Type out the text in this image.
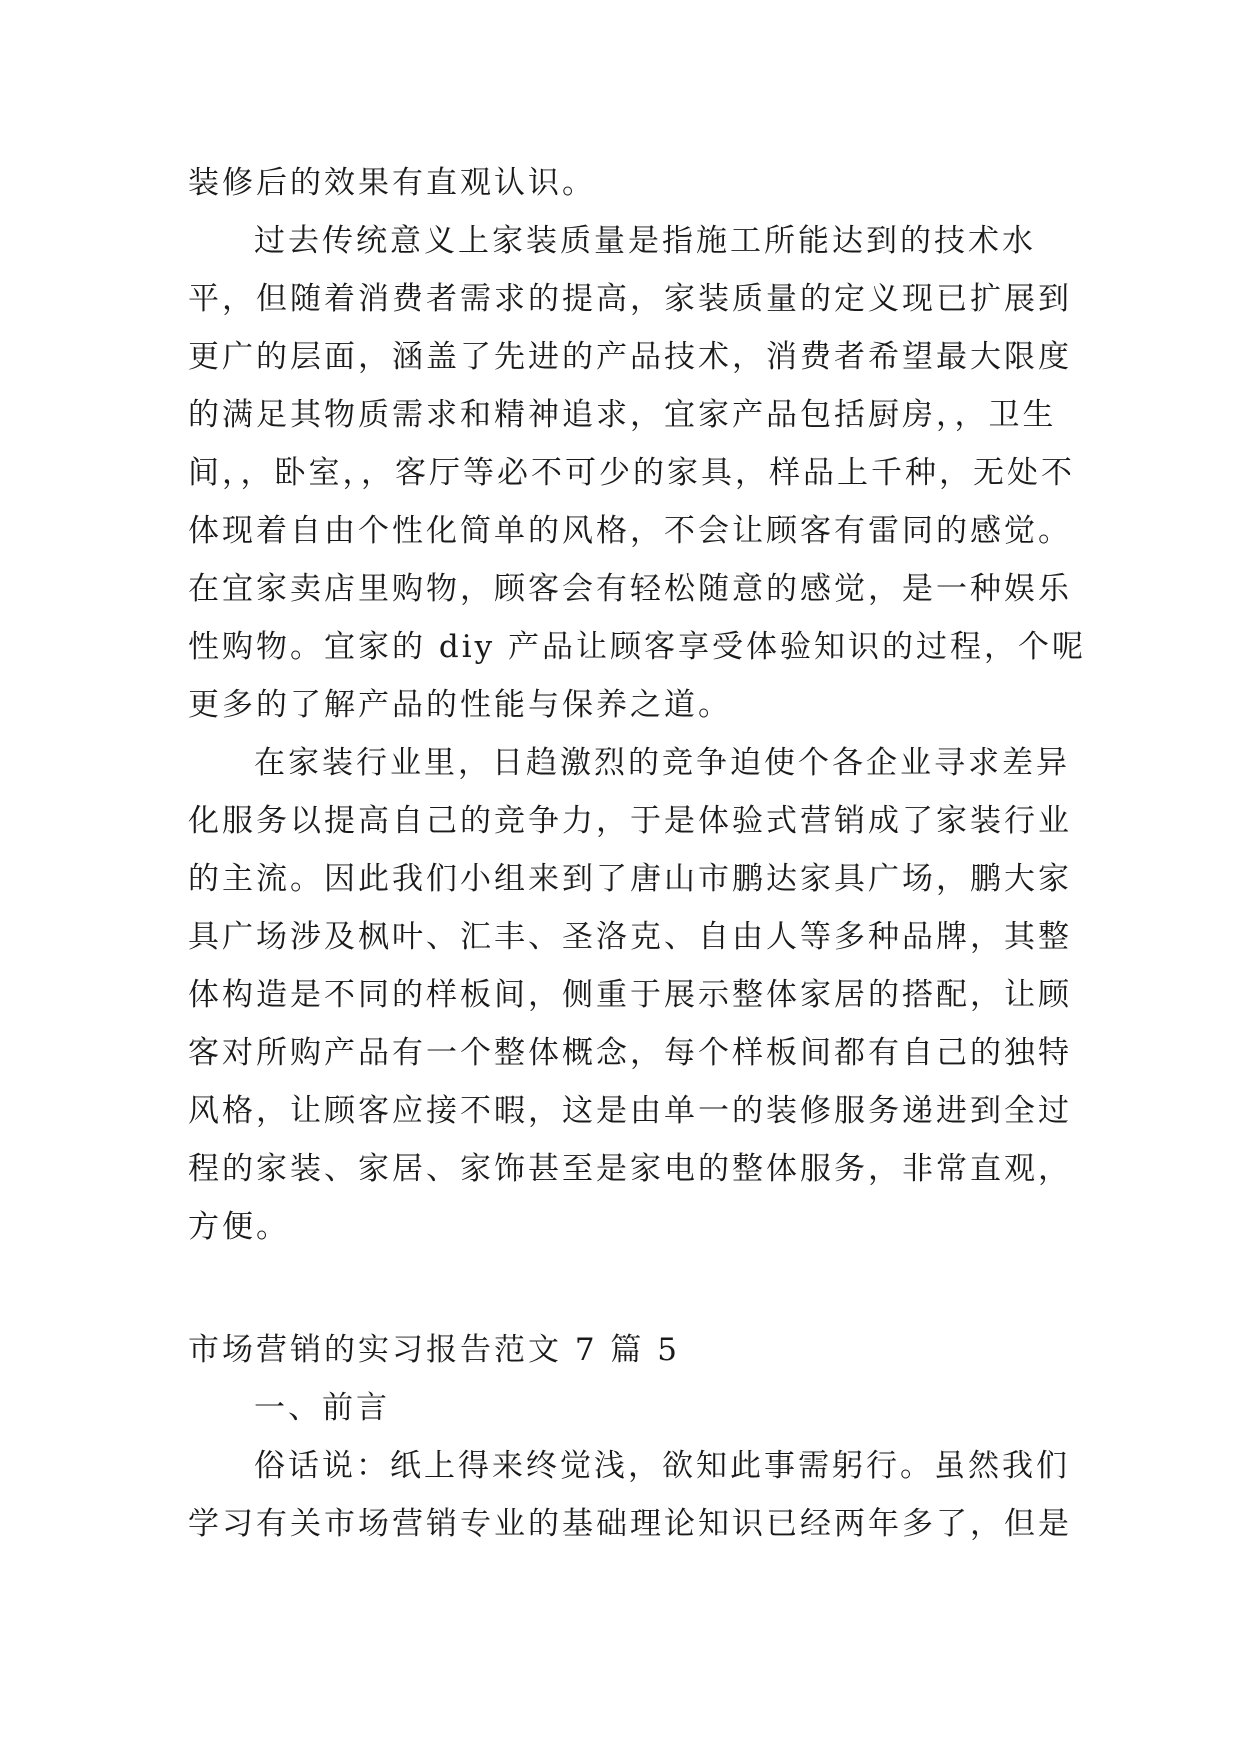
装修后的效果有直观认识。
过去传统意义上家装质量是指施工所能达到的技术水
平，但随着消费者需求的提高，家装质量的定义现已扩展到
更广的层面，涵盖了先进的产品技术，消费者希望最大限度
的满足其物质需求和精神追求，宜家产品包括厨房，，卫生
间，，卧室，，客厅等必不可少的家具，样品上千种，无处不
体现着自由个性化简单的风格，不会让顾客有雷同的感觉。
在宜家卖店里购物，顾客会有轻松随意的感觉，是一种娱乐
性购物。宜家的 diy 产品让顾客享受体验知识的过程，个呢
更多的了解产品的性能与保养之道。
在家装行业里，日趋激烈的竞争迫使个各企业寻求差异
化服务以提高自己的竞争力，于是体验式营销成了家装行业
的主流。因此我们小组来到了唐山市鹏达家具广场，鹏大家
具广场涉及枫叶、汇丰、圣洛克、自由人等多种品牌，其整
体构造是不同的样板间，侧重于展示整体家居的搭配，让顾
客对所购产品有一个整体概念，每个样板间都有自己的独特
风格，让顾客应接不暇，这是由单一的装修服务递进到全过
程的家装、家居、家饰甚至是家电的整体服务，非常直观，
方便。
市场营销的实习报告范文 7 篇 5
一、前言
俗话说：纸上得来终觉浅，欲知此事需躬行。虽然我们
学习有关市场营销专业的基础理论知识已经两年多了，但是
